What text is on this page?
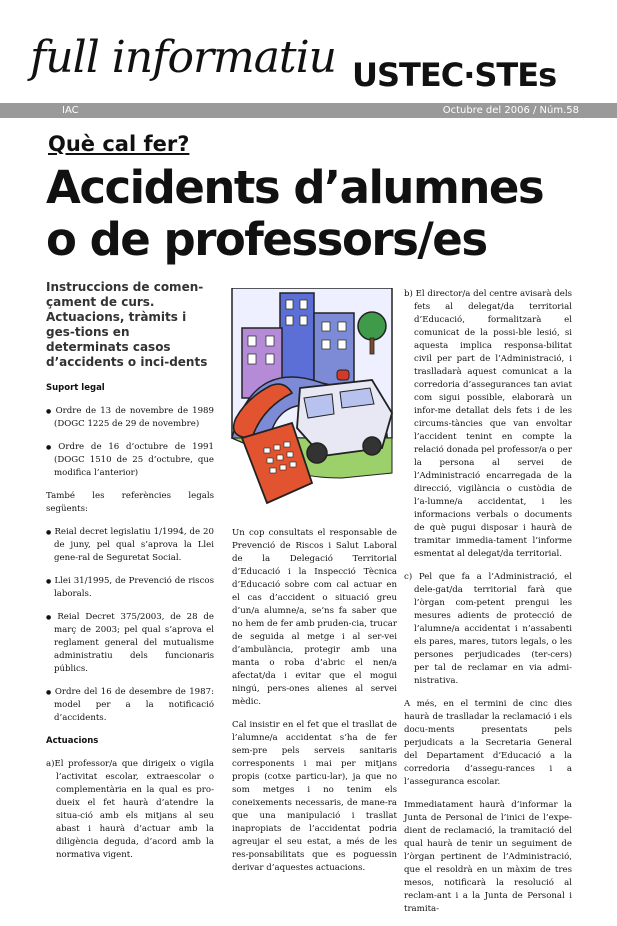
full informatiu USTEC·STEs
IAC	Octubre del 2006 / Núm.58
Què cal fer?
Accidents d’alumnes
o de professors/es
Instruccions de comen-çament de curs. Actuacions, tràmits i ges-tions en determinats casos d’accidents o inci-dents
Suport legal
● Ordre de 13 de novembre de 1989 (DOGC 1225 de 29 de novembre)
● Ordre de 16 d’octubre de 1991 (DOGC 1510 de 25 d’octubre, que modifica l’anterior)

També les referències legals següents:

● Reial decret legislatiu 1/1994, de 20 de juny, pel qual s’aprova la Llei gene-ral de Seguretat Social.
● Llei 31/1995, de Prevenció de riscos laborals.
● Reial Decret 375/2003, de 28 de març de 2003; pel qual s’aprova el reglament general del mutualisme administratiu dels funcionaris públics.
● Ordre del 16 de desembre de 1987: model per a la notificació d’accidents.
Actuacions
a)El professor/a que dirigeix o vigila l’activitat escolar, extraescolar o complementària en la qual es pro-dueix el fet haurà d’atendre la situa-ció amb els mitjans al seu abast i haurà d’actuar amb la diligència deguda, d’acord amb la normativa vigent.

Un cop consultats el responsable de Prevenció de Riscos i Salut Laboral de la Delegació Territorial d’Educació i la Inspecció Tècnica d’Educació sobre com cal actuar en el cas d’accident o situació greu d’un/a alumne/a, se’ns fa saber que no hem de fer amb pruden-cia, trucar de seguida al metge i al ser-vei d’ambulància, protegir amb una manta o roba d’abric el nen/a afectat/da i evitar que el mogui ningú, pers-ones alienes al servei mèdic.

Cal insistir en el fet que el trasllat de l’alumne/a accidentat s’ha de fer sem-pre pels serveis sanitaris corresponents i mai per mitjans propis (cotxe particu-lar), ja que no som metges i no tenim els coneixements necessaris, de mane-ra que una manipulació i trasllat inapropiats de l’accidentat podria agreujar el seu estat, a més de les res-ponsabilitats que es poguessin derivar d’aquestes actuacions.

b) El director/a del centre avisarà dels fets al delegat/da territorial d’Educació, formalitzarà el comunicat de la possi-ble lesió, si aquesta implica responsa-bilitat civil per part de l’Administració, i traslladarà aquest comunicat a la corredoria d’assegurances tan aviat com sigui possible, elaborarà un infor-me detallat dels fets i de les circums-tàncies que van envoltar l’accident tenint en compte la relació donada pel professor/a o per la persona al servei de l’Administració encarregada de la direcció, vigilància o custòdia de l’a-lumne/a accidentat, i les informacions verbals o documents de què pugui disposar i haurà de tramitar immedia-tament l’informe esmentat al delegat/da territorial.
c) Pel que fa a l’Administració, el dele-gat/da territorial farà que l’òrgan com-petent prengui les mesures adients de protecció de l’alumne/a accidentat i n’assabenti els pares, mares, tutors legals, o les persones perjudicades (ter-cers) per tal de reclamar en via admi-nistrativa.

A més, en el termini de cinc dies haurà de traslladar la reclamació i els docu-ments presentats pels perjudicats a la Secretaria General del Departament d’Educació a la corredoria d’assegu-rances i a l’asseguranca escolar.

Immediatament haurà d’informar la Junta de Personal de l’inici de l’expe-dient de reclamació, la tramitació del qual haurà de tenir un seguiment de l’òrgan pertinent de l’Administració, que el resoldrà en un màxim de tres mesos, notificarà la resolució al reclam-ant i a la Junta de Personal i tramita-
